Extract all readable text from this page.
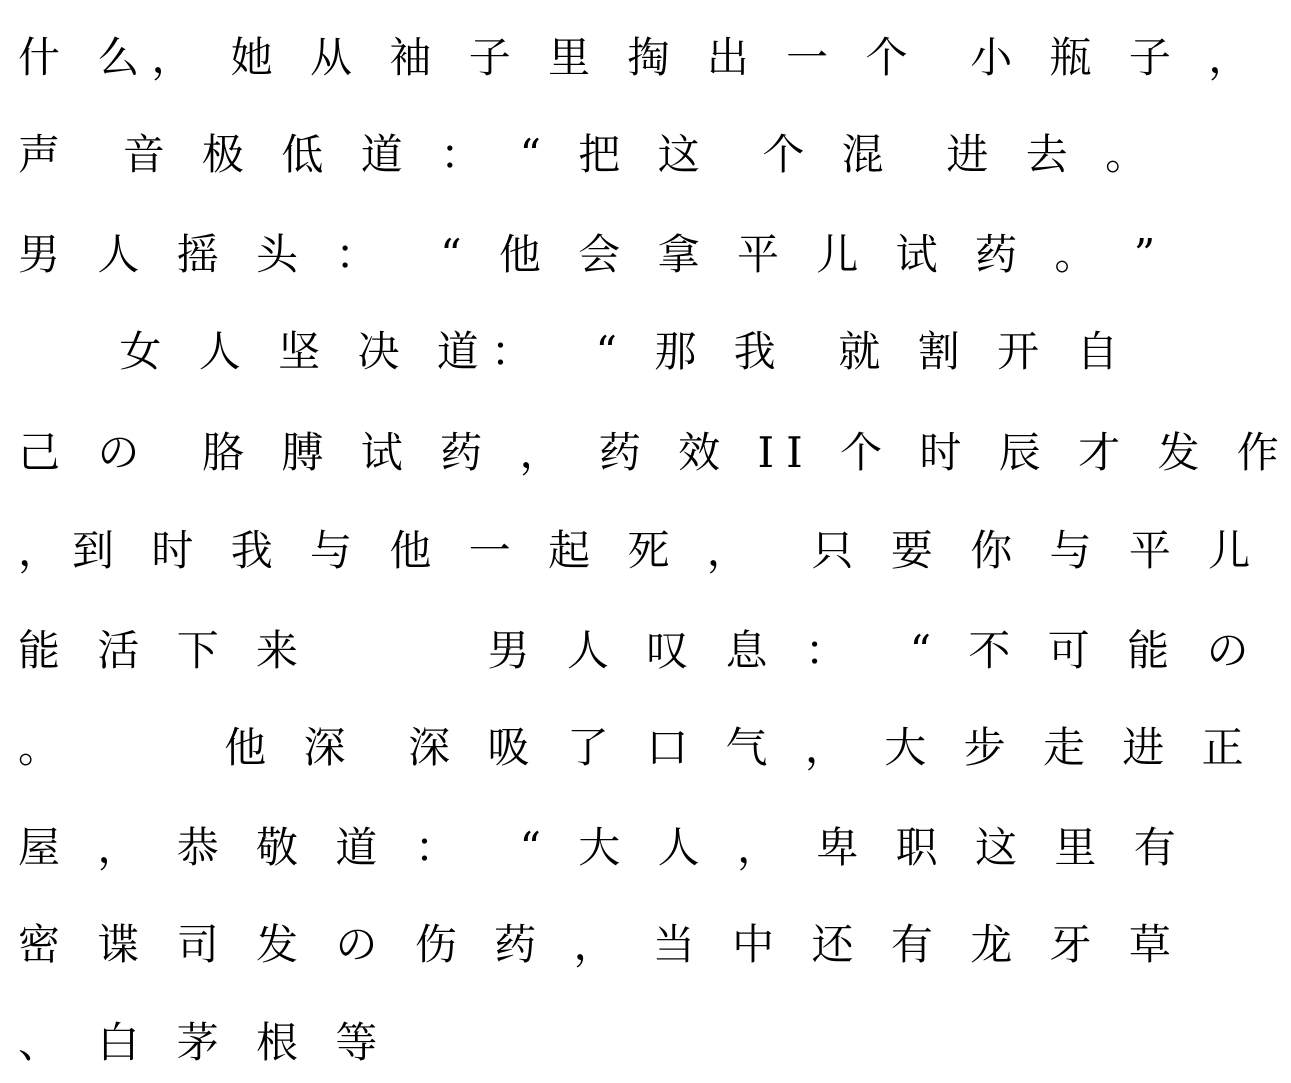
什 么， 她 从 袖 子 里 掏 出 一 个  小 瓶 子 ，

声  音 极 低 道 ： “ 把 这  个 混  进 去 。

男 人 摇 头 ：  “ 他 会 拿 平 儿 试 药 。 ”

女 人 坚 决 道：  “ 那 我  就 割 开 自

己 の  胳 膊 试 药 ， 药 效 II 个 时 辰 才 发 作

，到 时 我 与 他 一 起 死 ，  只 要 你 与 平 儿

能 活 下 来       男 人 叹 息 ：  “ 不 可 能 の

。      他 深  深 吸 了 口 气 ， 大 步 走 进 正

屋 ， 恭 敬 道 ：  “ 大 人 ， 卑 职 这 里 有

密 谍 司 发 の 伤 药 ， 当 中 还 有 龙 牙 草

、 白 茅 根 等
